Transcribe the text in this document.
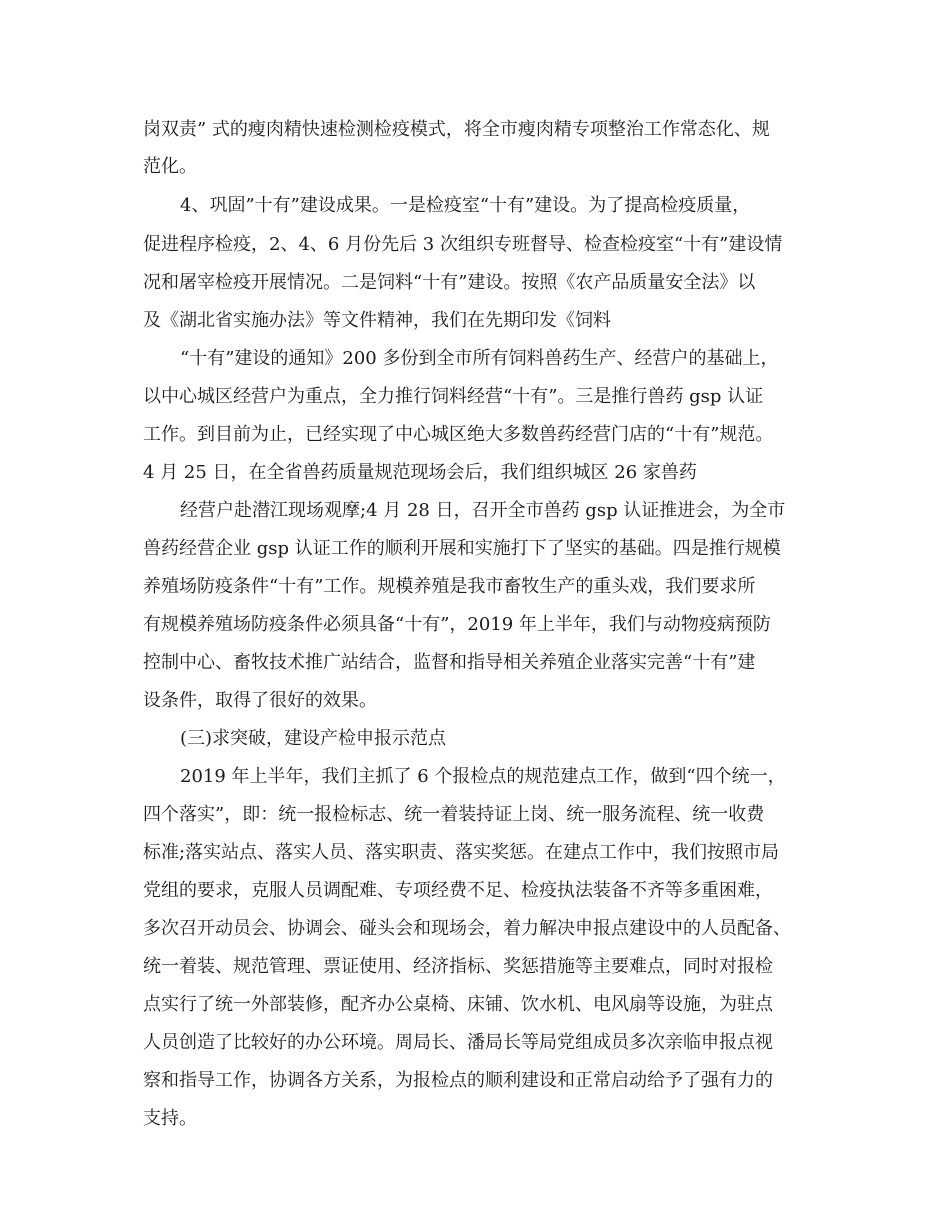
岗双责” 式的瘦肉精快速检测检疫模式，将全市瘦肉精专项整治工作常态化、规
范化。
4、巩固”十有”建设成果。一是检疫室“十有”建设。为了提高检疫质量，
促进程序检疫，2、4、6 月份先后 3 次组织专班督导、检查检疫室“十有”建设情
况和屠宰检疫开展情况。二是饲料“十有”建设。按照《农产品质量安全法》以
及《湖北省实施办法》等文件精神，我们在先期印发《饲料
“十有”建设的通知》200 多份到全市所有饲料兽药生产、经营户的基础上，
以中心城区经营户为重点，全力推行饲料经营“十有”。三是推行兽药 gsp 认证
工作。到目前为止，已经实现了中心城区绝大多数兽药经营门店的“十有”规范。
4 月 25 日，在全省兽药质量规范现场会后，我们组织城区 26 家兽药
经营户赴潜江现场观摩;4 月 28 日，召开全市兽药 gsp 认证推进会，为全市
兽药经营企业 gsp 认证工作的顺利开展和实施打下了坚实的基础。四是推行规模
养殖场防疫条件“十有”工作。规模养殖是我市畜牧生产的重头戏，我们要求所
有规模养殖场防疫条件必须具备“十有”，2019 年上半年，我们与动物疫病预防
控制中心、畜牧技术推广站结合，监督和指导相关养殖企业落实完善“十有”建
设条件，取得了很好的效果。
(三)求突破，建设产检申报示范点
2019 年上半年，我们主抓了 6 个报检点的规范建点工作，做到“四个统一，
四个落实”，即：统一报检标志、统一着装持证上岗、统一服务流程、统一收费
标准;落实站点、落实人员、落实职责、落实奖惩。在建点工作中，我们按照市局
党组的要求，克服人员调配难、专项经费不足、检疫执法装备不齐等多重困难，
多次召开动员会、协调会、碰头会和现场会，着力解决申报点建设中的人员配备、
统一着装、规范管理、票证使用、经济指标、奖惩措施等主要难点，同时对报检
点实行了统一外部装修，配齐办公桌椅、床铺、饮水机、电风扇等设施，为驻点
人员创造了比较好的办公环境。周局长、潘局长等局党组成员多次亲临申报点视
察和指导工作，协调各方关系，为报检点的顺利建设和正常启动给予了强有力的
支持。
